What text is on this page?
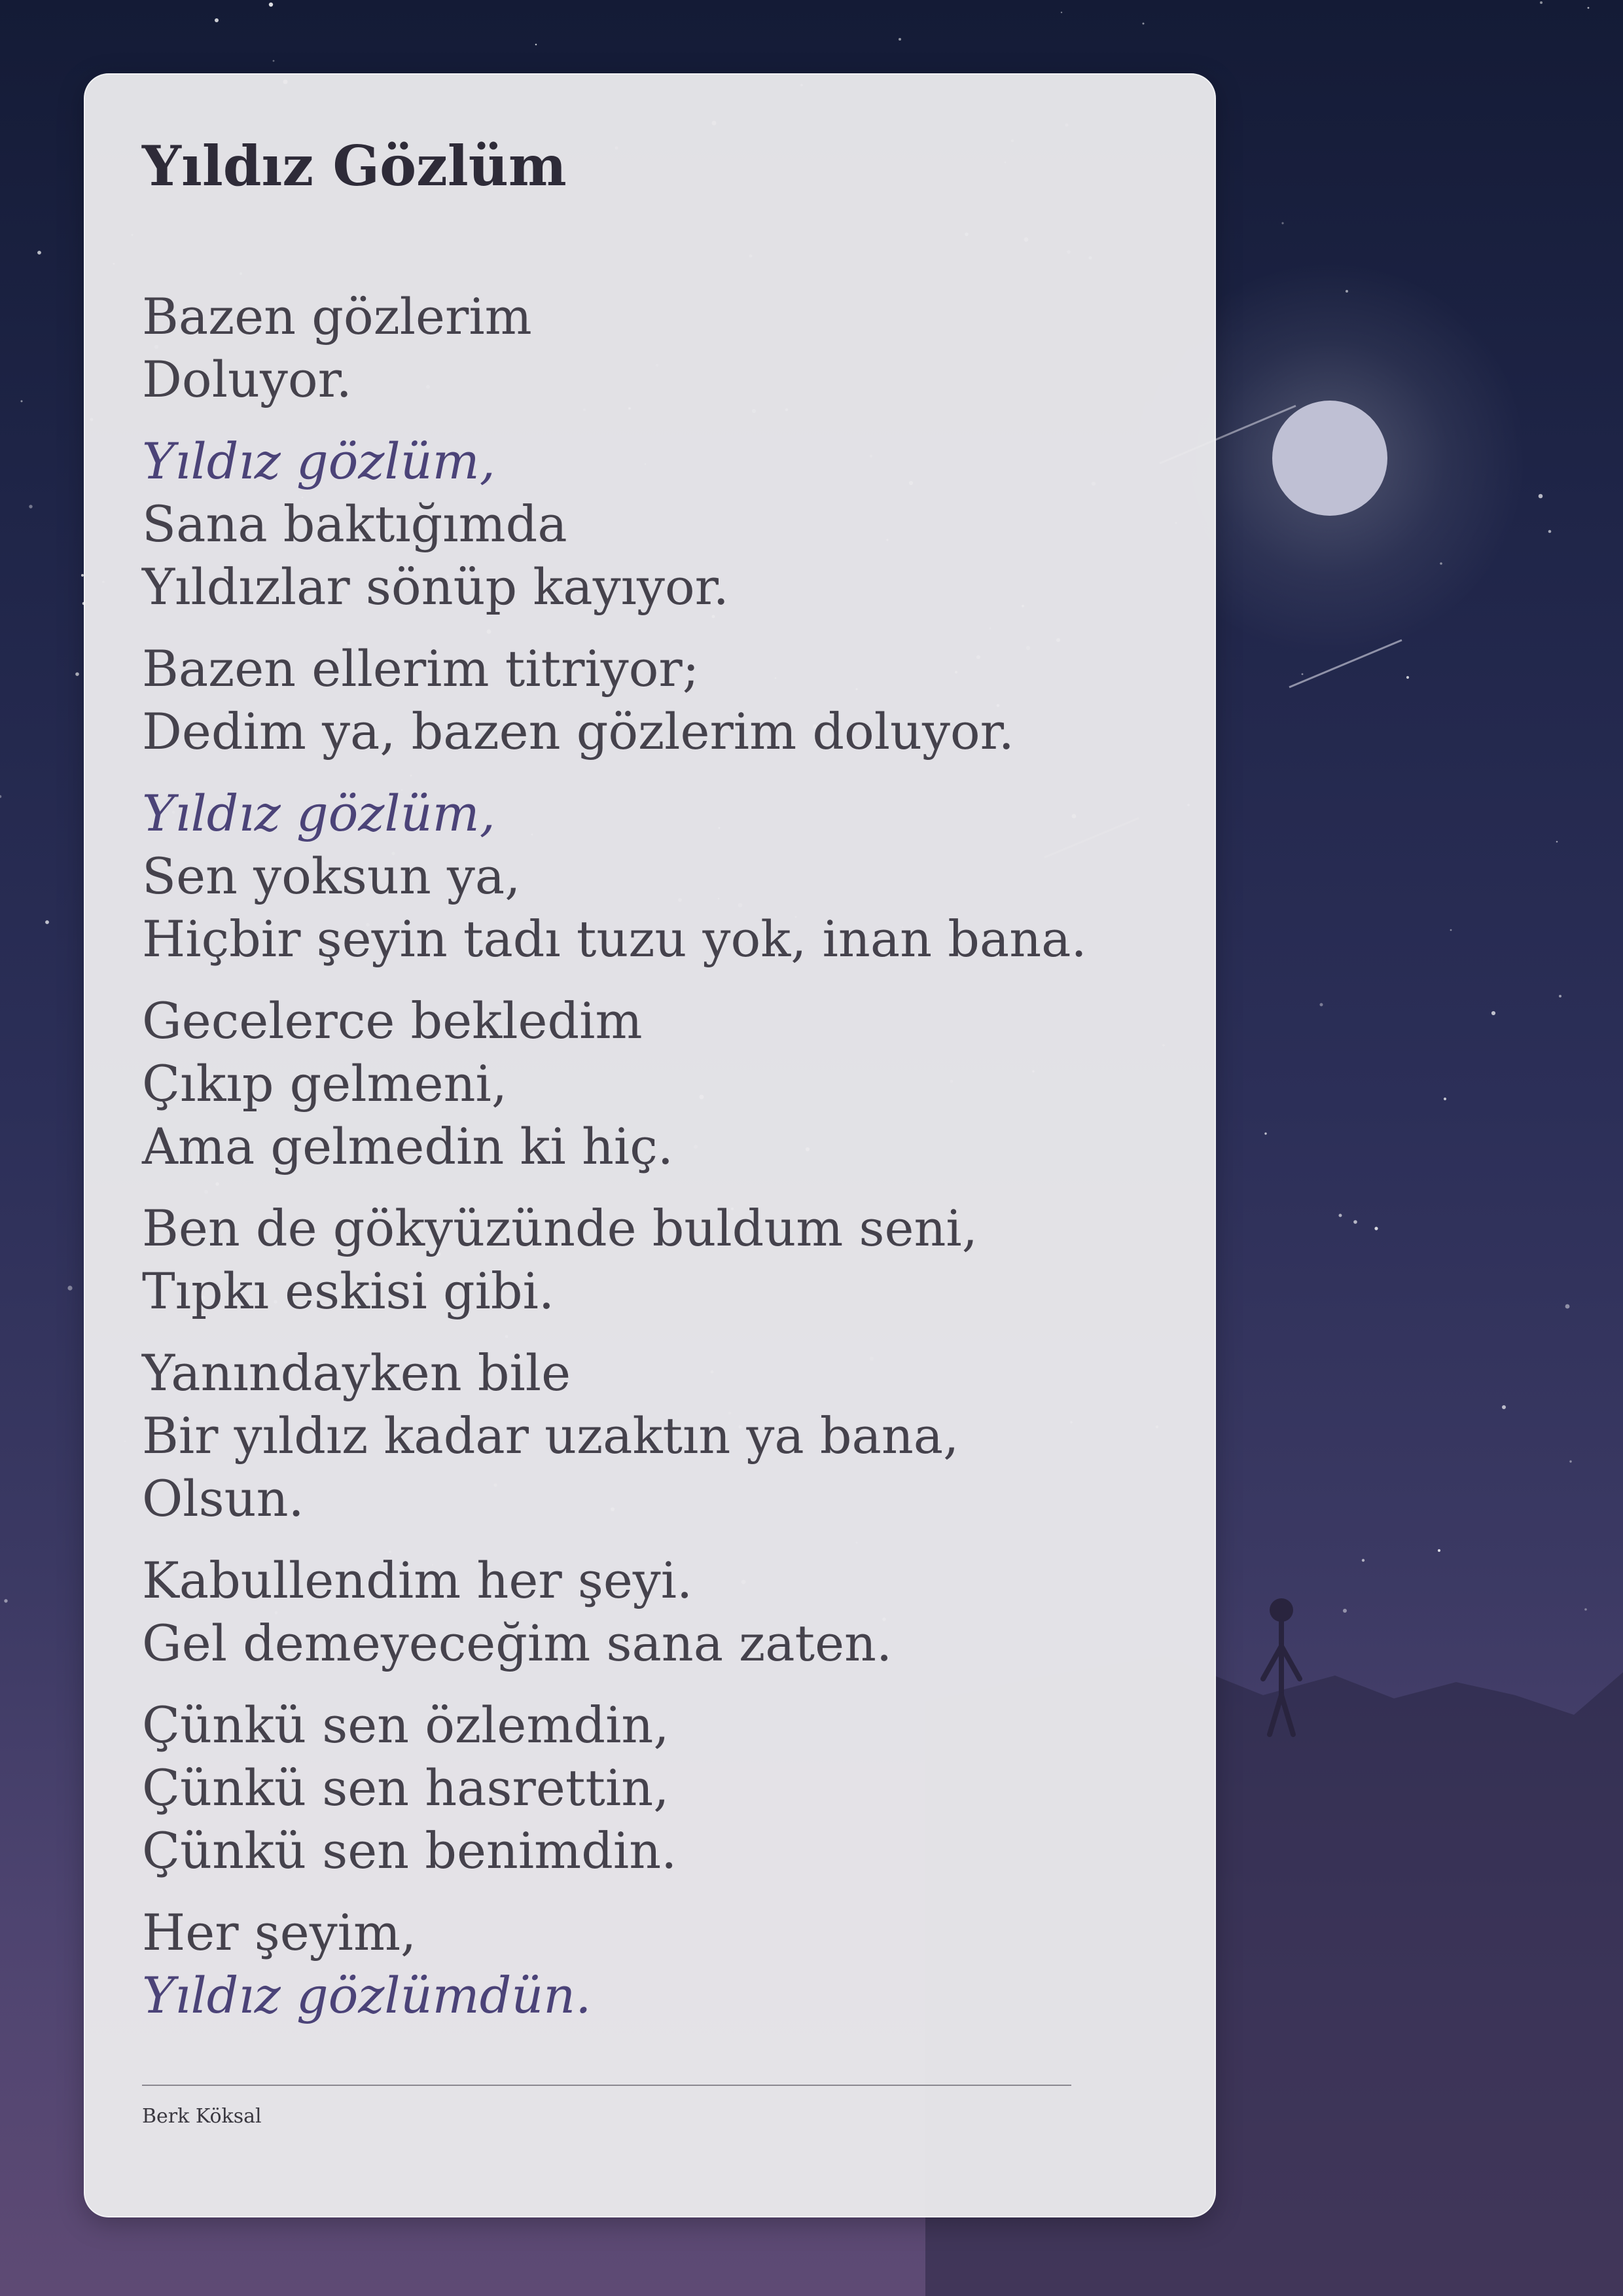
Yıldız Gözlüm
Bazen gözlerim
Doluyor.
Yıldız gözlüm,
Sana baktığımda
Yıldızlar sönüp kayıyor.
Bazen ellerim titriyor;
Dedim ya, bazen gözlerim doluyor.
Yıldız gözlüm,
Sen yoksun ya,
Hiçbir şeyin tadı tuzu yok, inan bana.
Gecelerce bekledim
Çıkıp gelmeni,
Ama gelmedin ki hiç.
Ben de gökyüzünde buldum seni,
Tıpkı eskisi gibi.
Yanındayken bile
Bir yıldız kadar uzaktın ya bana,
Olsun.
Kabullendim her şeyi.
Gel demeyeceğim sana zaten.
Çünkü sen özlemdin,
Çünkü sen hasrettin,
Çünkü sen benimdin.
Her şeyim,
Yıldız gözlümdün.
Berk Köksal
